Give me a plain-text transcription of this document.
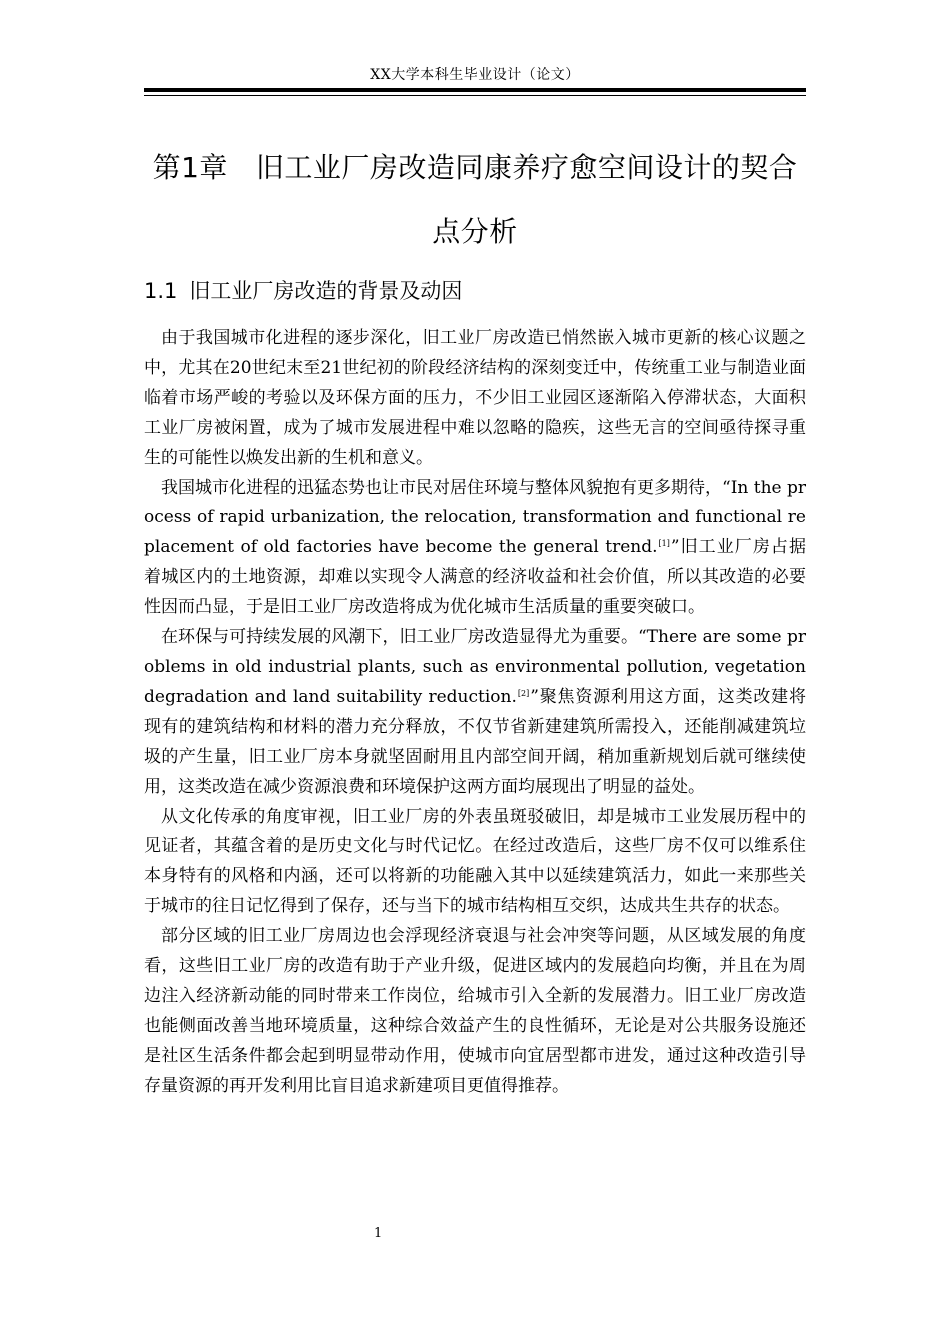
XX大学本科生毕业设计（论文）
第1章 旧工业厂房改造同康养疗愈空间设计的契合
点分析
1.1 旧工业厂房改造的背景及动因

由于我国城市化进程的逐步深化，旧工业厂房改造已悄然嵌入城市更新的核心议题之中，尤其在20世纪末至21世纪初的阶段经济结构的深刻变迁中，传统重工业与制造业面临着市场严峻的考验以及环保方面的压力，不少旧工业园区逐渐陷入停滞状态，大面积工业厂房被闲置，成为了城市发展进程中难以忽略的隐疾，这些无言的空间亟待探寻重生的可能性以焕发出新的生机和意义。

我国城市化进程的迅猛态势也让市民对居住环境与整体风貌抱有更多期待，“In the process of rapid urbanization, the relocation, transformation and functional replacement of old factories have become the general trend.[1]”旧工业厂房占据着城区内的土地资源，却难以实现令人满意的经济收益和社会价值，所以其改造的必要性因而凸显，于是旧工业厂房改造将成为优化城市生活质量的重要突破口。

在环保与可持续发展的风潮下，旧工业厂房改造显得尤为重要。“There are some problems in old industrial plants, such as environmental pollution, vegetation degradation and land suitability reduction.[2]”聚焦资源利用这方面，这类改建将现有的建筑结构和材料的潜力充分释放，不仅节省新建建筑所需投入，还能削减建筑垃圾的产生量，旧工业厂房本身就坚固耐用且内部空间开阔，稍加重新规划后就可继续使用，这类改造在减少资源浪费和环境保护这两方面均展现出了明显的益处。

从文化传承的角度审视，旧工业厂房的外表虽斑驳破旧，却是城市工业发展历程中的见证者，其蕴含着的是历史文化与时代记忆。在经过改造后，这些厂房不仅可以维系住本身特有的风格和内涵，还可以将新的功能融入其中以延续建筑活力，如此一来那些关于城市的往日记忆得到了保存，还与当下的城市结构相互交织，达成共生共存的状态。

部分区域的旧工业厂房周边也会浮现经济衰退与社会冲突等问题，从区域发展的角度看，这些旧工业厂房的改造有助于产业升级，促进区域内的发展趋向均衡，并且在为周边注入经济新动能的同时带来工作岗位，给城市引入全新的发展潜力。旧工业厂房改造也能侧面改善当地环境质量，这种综合效益产生的良性循环，无论是对公共服务设施还是社区生活条件都会起到明显带动作用，使城市向宜居型都市进发，通过这种改造引导存量资源的再开发利用比盲目追求新建项目更值得推荐。

1
